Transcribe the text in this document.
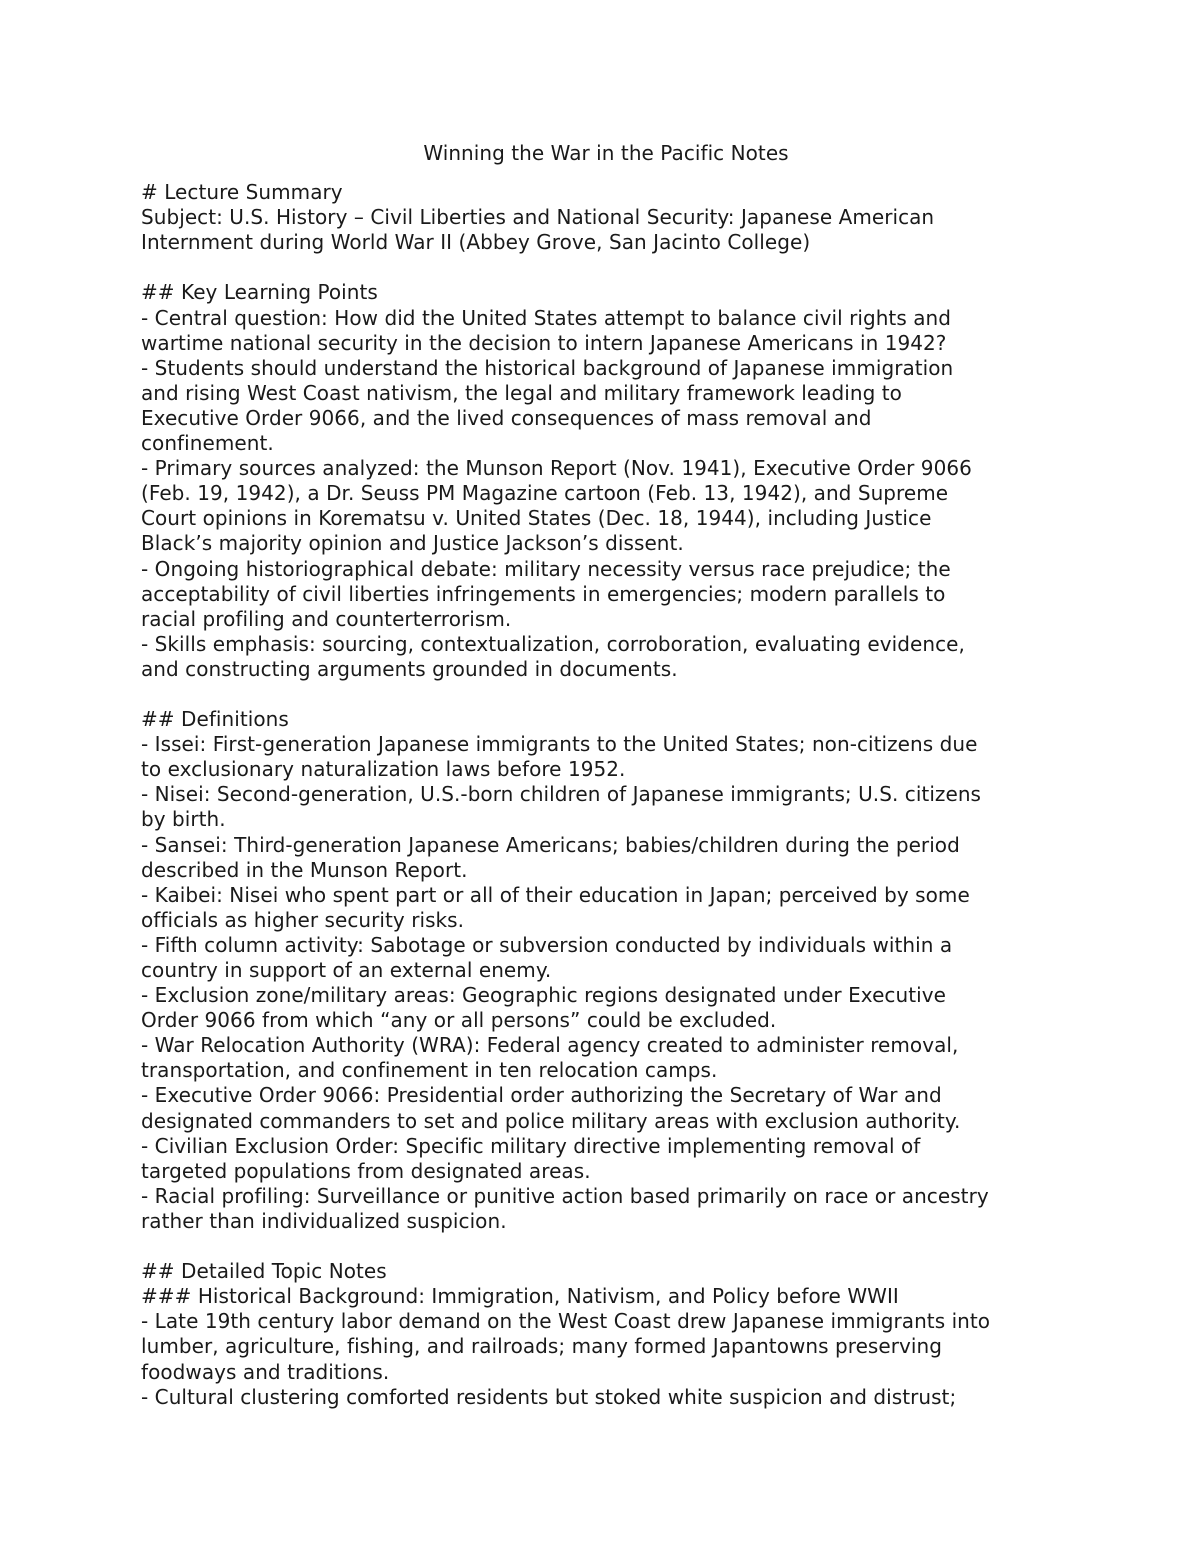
Winning the War in the Pacific Notes

# Lecture Summary

Subject: U.S. History – Civil Liberties and National Security: Japanese American

Internment during World War II (Abbey Grove, San Jacinto College)

## Key Learning Points

- Central question: How did the United States attempt to balance civil rights and

wartime national security in the decision to intern Japanese Americans in 1942?

- Students should understand the historical background of Japanese immigration

and rising West Coast nativism, the legal and military framework leading to

Executive Order 9066, and the lived consequences of mass removal and

confinement.

- Primary sources analyzed: the Munson Report (Nov. 1941), Executive Order 9066

(Feb. 19, 1942), a Dr. Seuss PM Magazine cartoon (Feb. 13, 1942), and Supreme

Court opinions in Korematsu v. United States (Dec. 18, 1944), including Justice

Black’s majority opinion and Justice Jackson’s dissent.

- Ongoing historiographical debate: military necessity versus race prejudice; the

acceptability of civil liberties infringements in emergencies; modern parallels to

racial profiling and counterterrorism.

- Skills emphasis: sourcing, contextualization, corroboration, evaluating evidence,

and constructing arguments grounded in documents.

## Definitions

- Issei: First-generation Japanese immigrants to the United States; non-citizens due

to exclusionary naturalization laws before 1952.

- Nisei: Second-generation, U.S.-born children of Japanese immigrants; U.S. citizens

by birth.

- Sansei: Third-generation Japanese Americans; babies/children during the period

described in the Munson Report.

- Kaibei: Nisei who spent part or all of their education in Japan; perceived by some

officials as higher security risks.

- Fifth column activity: Sabotage or subversion conducted by individuals within a

country in support of an external enemy.

- Exclusion zone/military areas: Geographic regions designated under Executive

Order 9066 from which “any or all persons” could be excluded.

- War Relocation Authority (WRA): Federal agency created to administer removal,

transportation, and confinement in ten relocation camps.

- Executive Order 9066: Presidential order authorizing the Secretary of War and

designated commanders to set and police military areas with exclusion authority.

- Civilian Exclusion Order: Specific military directive implementing removal of

targeted populations from designated areas.

- Racial profiling: Surveillance or punitive action based primarily on race or ancestry

rather than individualized suspicion.

## Detailed Topic Notes

### Historical Background: Immigration, Nativism, and Policy before WWII

- Late 19th century labor demand on the West Coast drew Japanese immigrants into

lumber, agriculture, fishing, and railroads; many formed Japantowns preserving

foodways and traditions.

- Cultural clustering comforted residents but stoked white suspicion and distrust;
